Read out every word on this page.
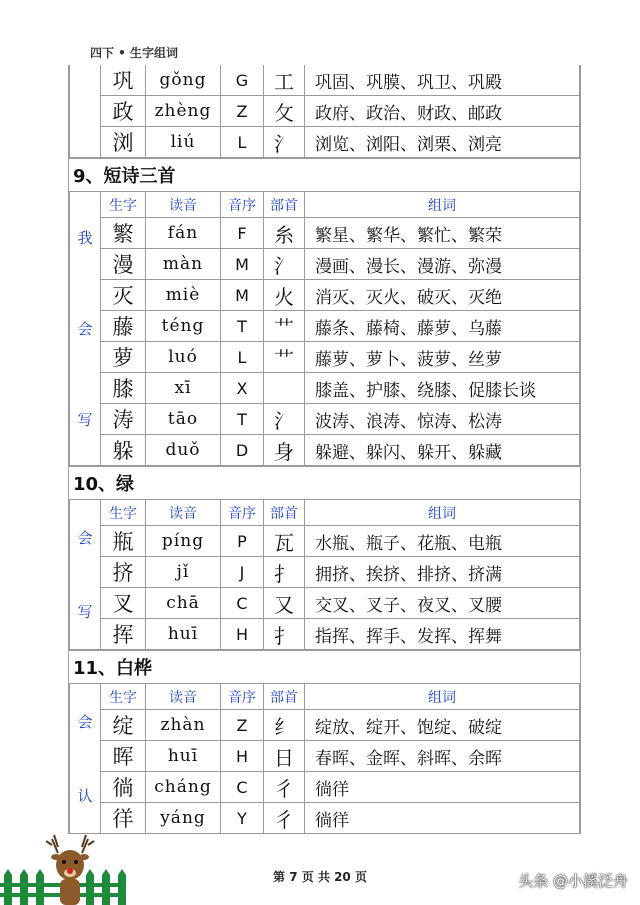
四下 • 生字组词
	巩	gǒng	G	工	巩固、巩膜、巩卫、巩殿
	政	zhèng	Z	攵	政府、政治、财政、邮政
	浏	liú	L	氵	浏览、浏阳、浏栗、浏亮
9、短诗三首
我
会
写	生字	读音	音序	部首	组词
	繁	fán	F	糸	繁星、繁华、繁忙、繁荣
	漫	màn	M	氵	漫画、漫长、漫游、弥漫
	灭	miè	M	火	消灭、灭火、破灭、灭绝
	藤	téng	T	艹	藤条、藤椅、藤萝、乌藤
	萝	luó	L	艹	藤萝、萝卜、菠萝、丝萝
	膝	xī	X		膝盖、护膝、绕膝、促膝长谈
	涛	tāo	T	氵	波涛、浪涛、惊涛、松涛
	躲	duǒ	D	身	躲避、躲闪、躲开、躲藏
10、绿
会
写	生字	读音	音序	部首	组词
	瓶	píng	P	瓦	水瓶、瓶子、花瓶、电瓶
	挤	jǐ	J	扌	拥挤、挨挤、排挤、挤满
	叉	chā	C	又	交叉、叉子、夜叉、叉腰
	挥	huī	H	扌	指挥、挥手、发挥、挥舞
11、白桦
会
认	生字	读音	音序	部首	组词
	绽	zhàn	Z	纟	绽放、绽开、饱绽、破绽
	晖	huī	H	日	春晖、金晖、斜晖、余晖
	徜	cháng	C	彳	徜徉
	徉	yáng	Y	彳	徜徉
第 7 页 共 20 页	头条 @小溪泛舟
